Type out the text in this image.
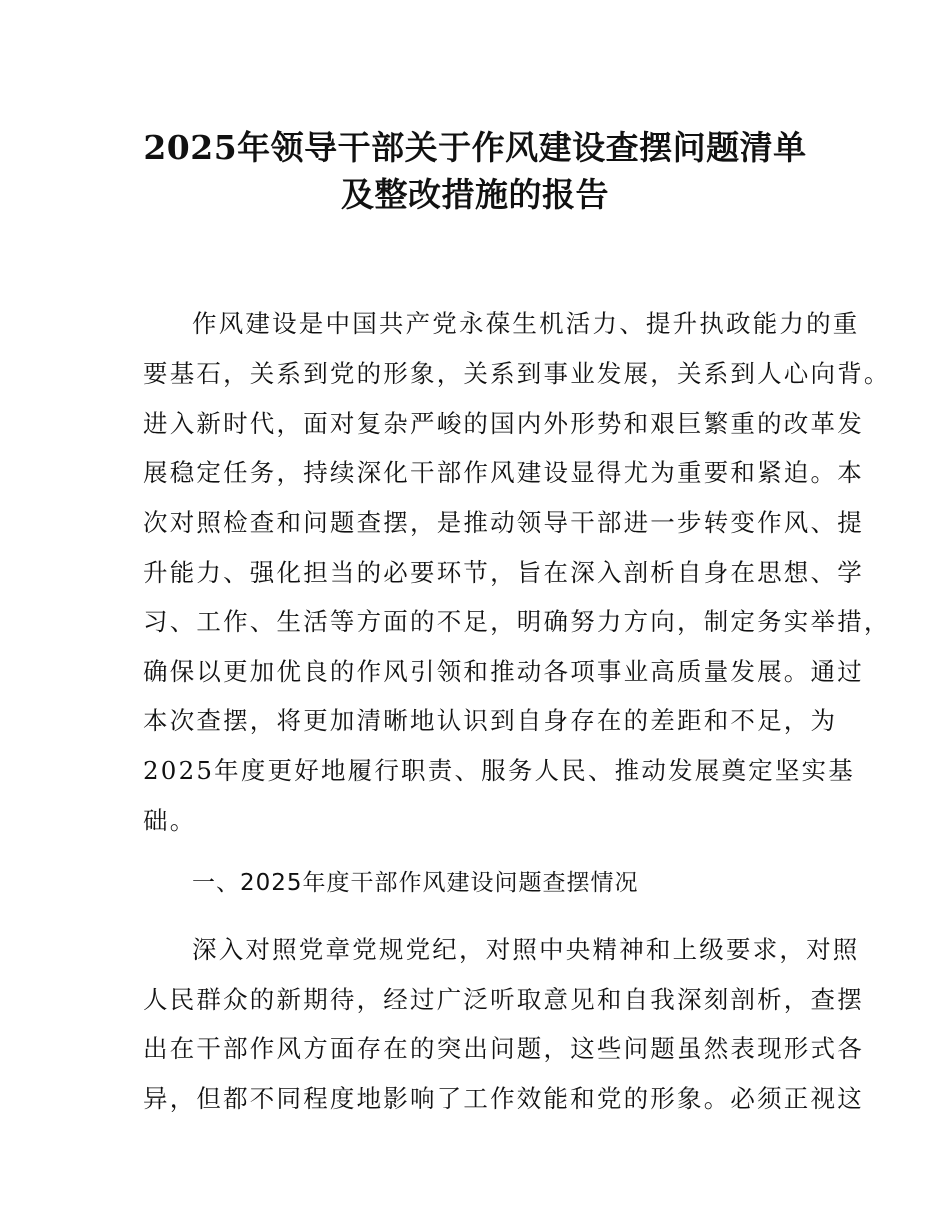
2025年领导干部关于作风建设查摆问题清单
及整改措施的报告
作风建设是中国共产党永葆生机活力、提升执政能力的重
要基石，关系到党的形象，关系到事业发展，关系到人心向背。
进入新时代，面对复杂严峻的国内外形势和艰巨繁重的改革发
展稳定任务，持续深化干部作风建设显得尤为重要和紧迫。本
次对照检查和问题查摆，是推动领导干部进一步转变作风、提
升能力、强化担当的必要环节，旨在深入剖析自身在思想、学
习、工作、生活等方面的不足，明确努力方向，制定务实举措，
确保以更加优良的作风引领和推动各项事业高质量发展。通过
本次查摆，将更加清晰地认识到自身存在的差距和不足，为
2025年度更好地履行职责、服务人民、推动发展奠定坚实基
础。
一、2025年度干部作风建设问题查摆情况
深入对照党章党规党纪，对照中央精神和上级要求，对照
人民群众的新期待，经过广泛听取意见和自我深刻剖析，查摆
出在干部作风方面存在的突出问题，这些问题虽然表现形式各
异，但都不同程度地影响了工作效能和党的形象。必须正视这
